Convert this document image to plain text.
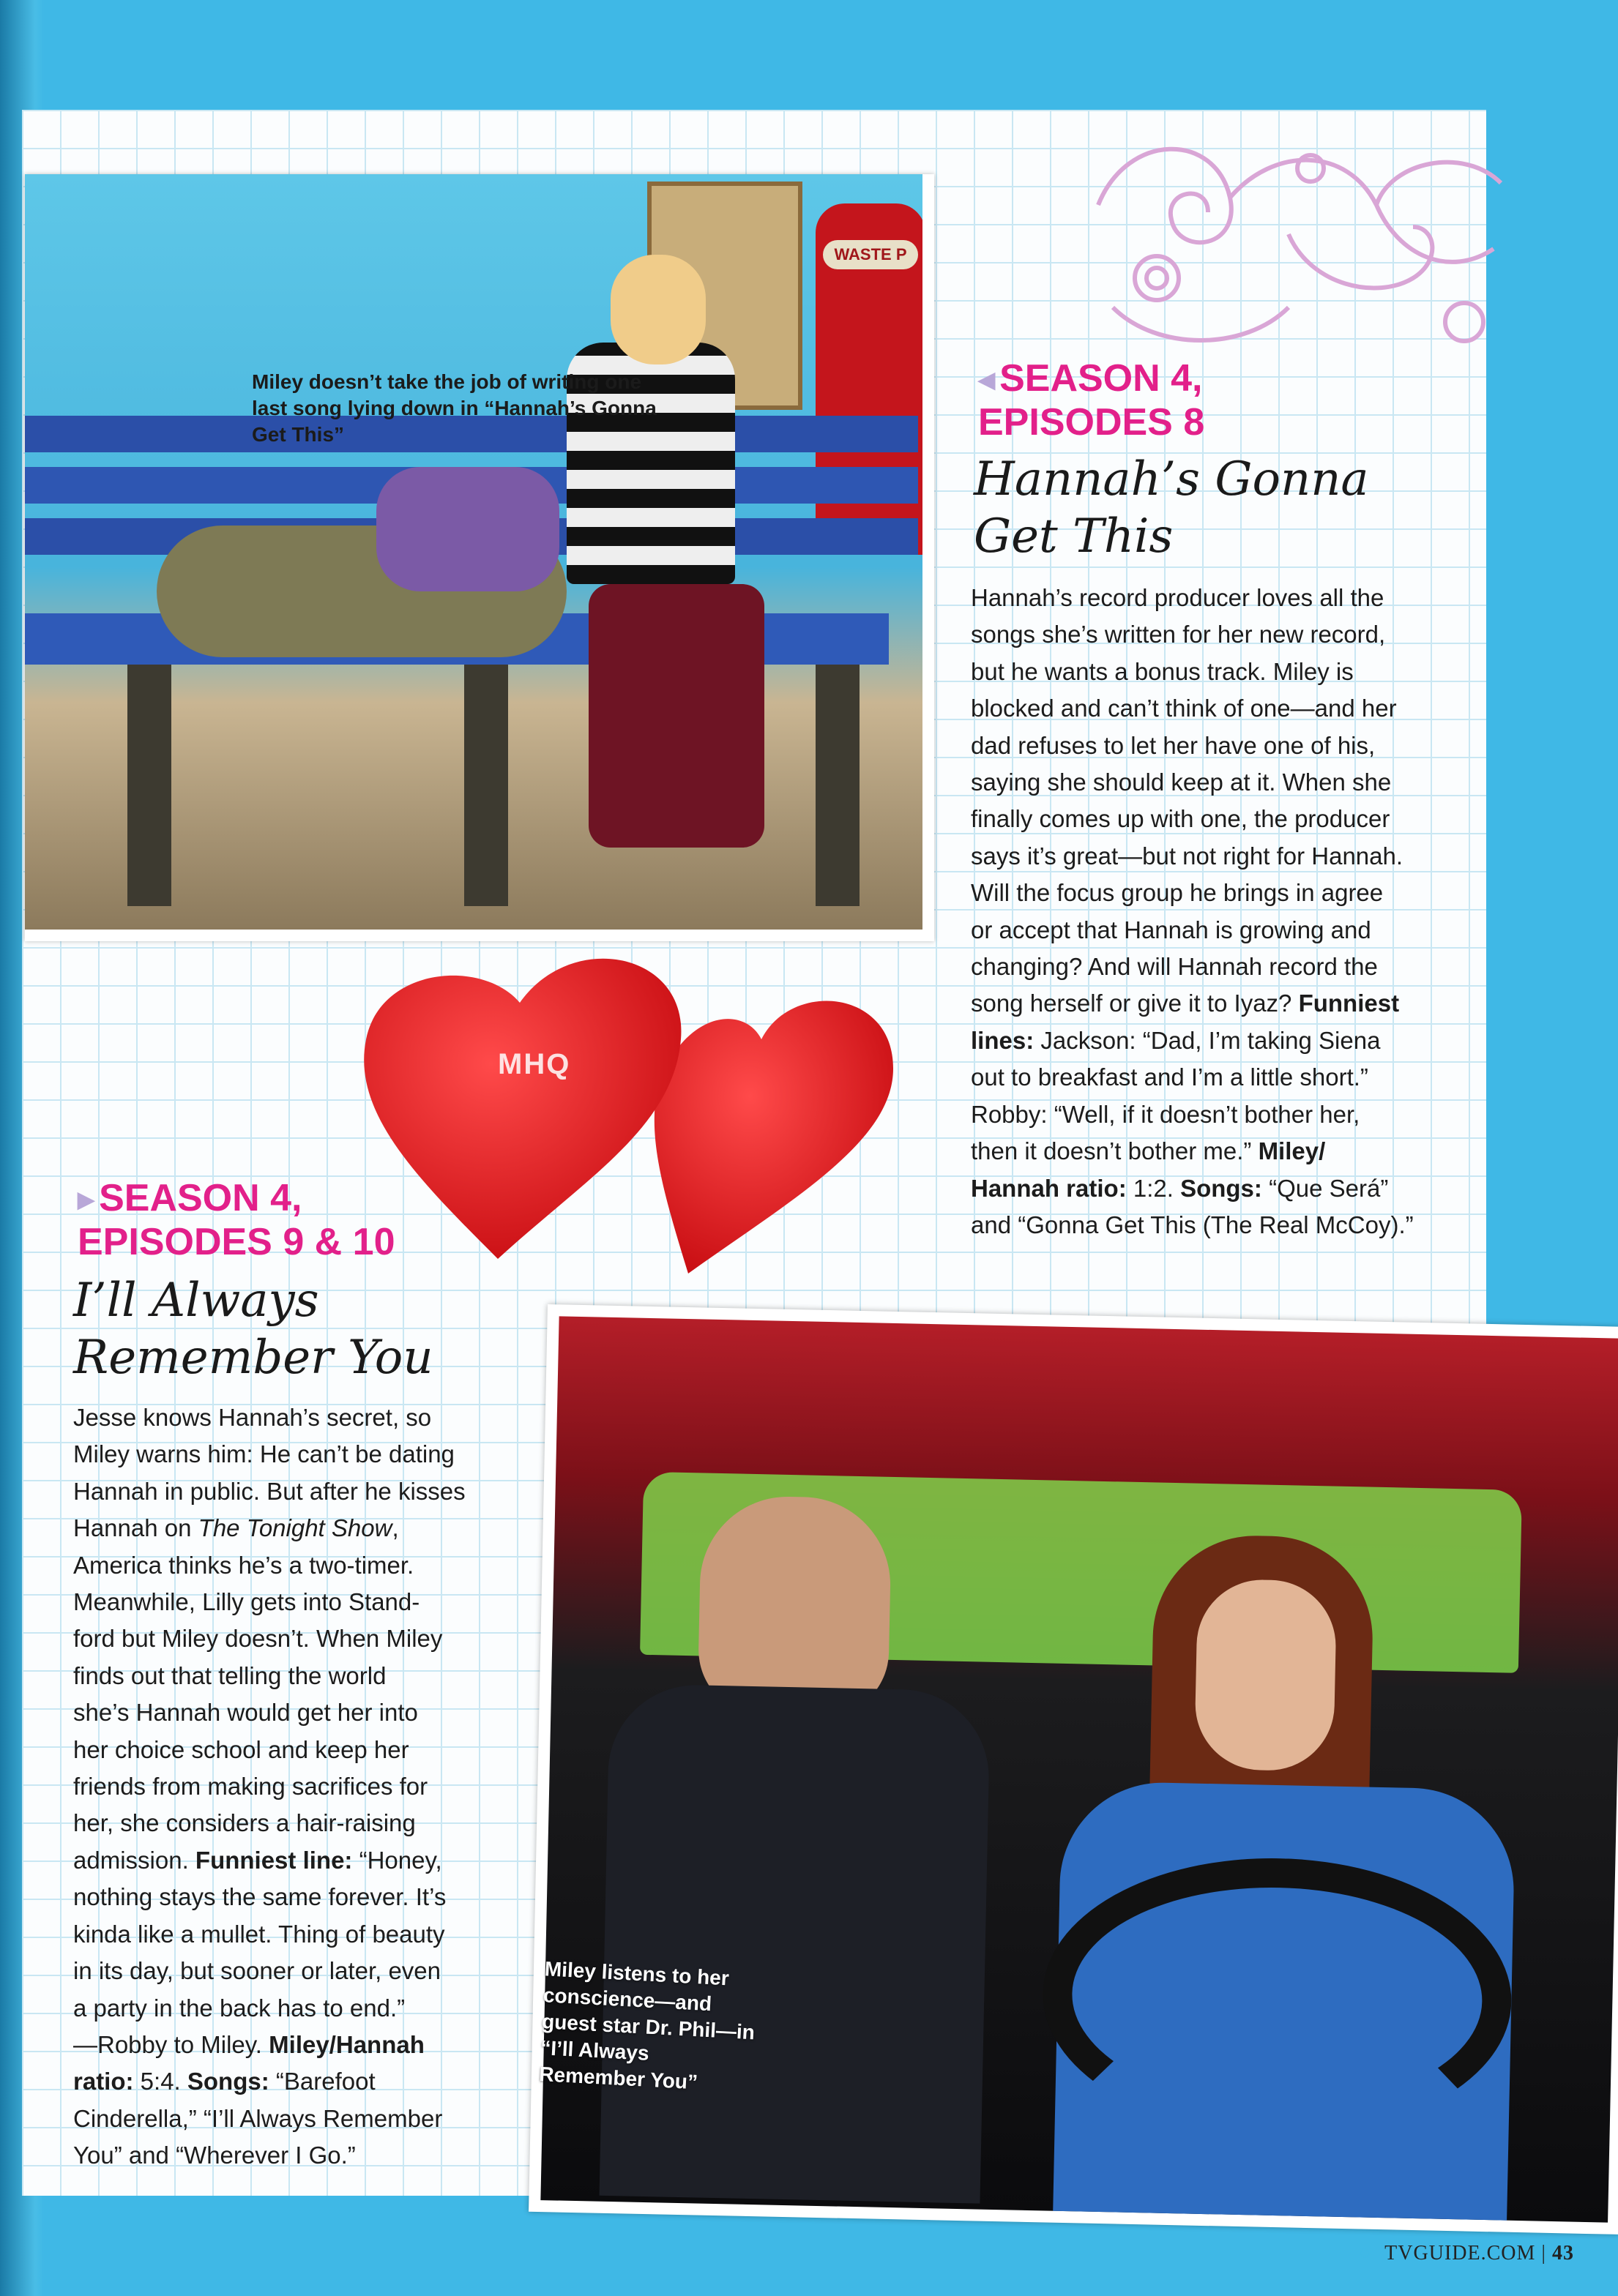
WASTE P
Miley doesn’t take the job of writing one last song lying down in “Hannah’s Gonna Get This”
◀ SEASON 4,
EPISODES 8
Hannah’s Gonna
Get This
Hannah’s record producer loves all the
songs she’s written for her new record,
but he wants a bonus track. Miley is
blocked and can’t think of one—and her
dad refuses to let her have one of his,
saying she should keep at it. When she
finally comes up with one, the producer
says it’s great—but not right for Hannah.
Will the focus group he brings in agree
or accept that Hannah is growing and
changing? And will Hannah record the
song herself or give it to Iyaz? Funniest
lines: Jackson: “Dad, I’m taking Siena
out to breakfast and I’m a little short.”
Robby: “Well, if it doesn’t bother her,
then it doesn’t bother me.” Miley/
Hannah ratio: 1:2. Songs: “Que Será”
and “Gonna Get This (The Real McCoy).”
MHQ
▶ SEASON 4,
EPISODES 9 & 10
I’ll Always
Remember You
Jesse knows Hannah’s secret, so
Miley warns him: He can’t be dating
Hannah in public. But after he kisses
Hannah on The Tonight Show,
America thinks he’s a two-timer.
Meanwhile, Lilly gets into Stand-
ford but Miley doesn’t. When Miley
finds out that telling the world
she’s Hannah would get her into
her choice school and keep her
friends from making sacrifices for
her, she considers a hair-raising
admission. Funniest line: “Honey,
nothing stays the same forever. It’s
kinda like a mullet. Thing of beauty
in its day, but sooner or later, even
a party in the back has to end.”
—Robby to Miley. Miley/Hannah
ratio: 5:4. Songs: “Barefoot
Cinderella,” “I’ll Always Remember
You” and “Wherever I Go.”
Miley listens to her conscience—and guest star Dr. Phil—in “I’ll Always Remember You”
○ TVGUIDE.COM | 43
